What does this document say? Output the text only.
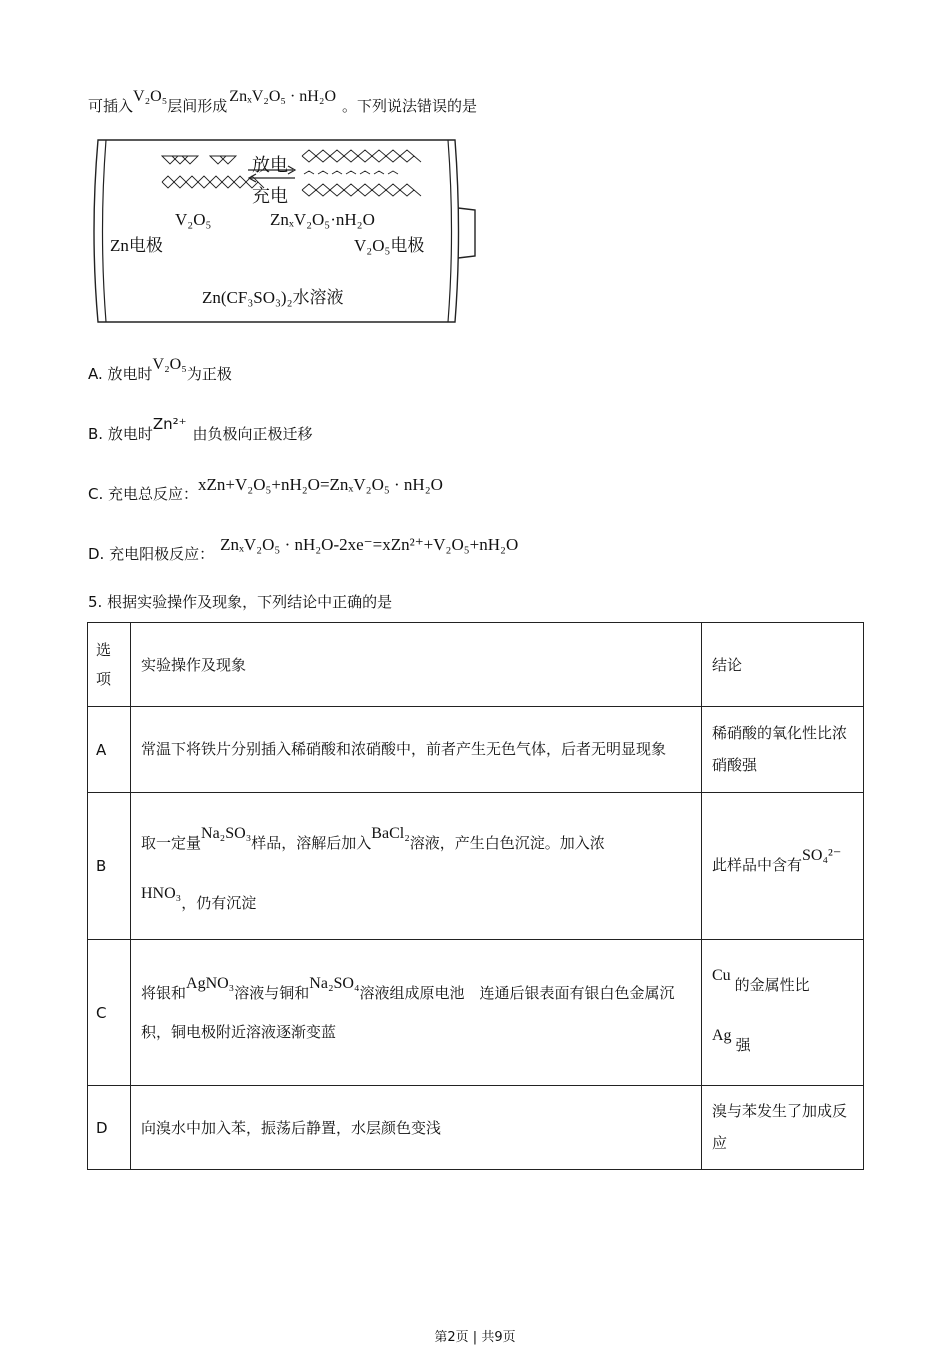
可插入V₂O₅层间形成ZnₓV₂O₅ · nH₂O。下列说法错误的是
放电
充电
V₂O₅	ZnₓV₂O₅·nH₂O
Zn电极	V₂O₅电极
Zn(CF₃SO₃)₂水溶液
A. 放电时V₂O₅为正极
B. 放电时Zn²⁺由负极向正极迁移
C. 充电总反应：xZn+V₂O₅+nH₂O=ZnₓV₂O₅ · nH₂O
D. 充电阳极反应： ZnₓV₂O₅ · nH₂O-2xe⁻=xZn²⁺+V₂O₅+nH₂O
5. 根据实验操作及现象，下列结论中正确的是
选项	实验操作及现象	结论
A	常温下将铁片分别插入稀硝酸和浓硝酸中，前者产生无色气体，后者无明显现象	稀硝酸的氧化性比浓硝酸强
B	取一定量Na₂SO₃样品，溶解后加入BaCl₂溶液，产生白色沉淀。加入浓
HNO₃，仍有沉淀	此样品中含有SO₄²⁻
C	将银和AgNO₃溶液与铜和Na₂SO₄溶液组成原电池　连通后银表面有银白色金属沉积，铜电极附近溶液逐渐变蓝	Cu的金属性比
Ag强

D	向溴水中加入苯，振荡后静置，水层颜色变浅	溴与苯发生了加成反应
第2页 | 共9页
